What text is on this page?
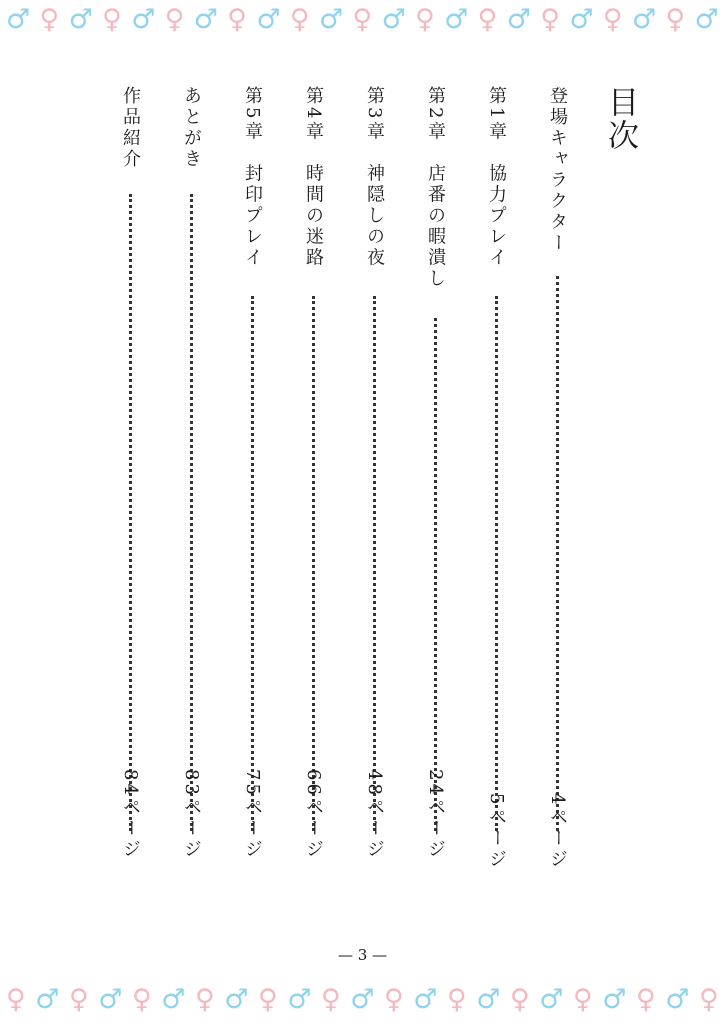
♂ ♀ ♂ ♀ ♂ ♀ ♂ ♀ ♂ ♀ ♂ ♀ ♂ ♀ ♂ ♀ ♂ ♀ ♂ ♀ ♂ ♀ ♂
♀ ♂ ♀ ♂ ♀ ♂ ♀ ♂ ♀ ♂ ♀ ♂ ♀ ♂ ♀ ♂ ♀ ♂ ♀ ♂ ♀ ♂ ♀
目次
登場キャラクター
4ページ
第1章　協力プレイ
5ページ
第2章　店番の暇潰し
24ページ
第3章　神隠しの夜
48ページ
第4章　時間の迷路
66ページ
第5章　封印プレイ
75ページ
あとがき
83ページ
作品紹介
84ページ
— 3 —
